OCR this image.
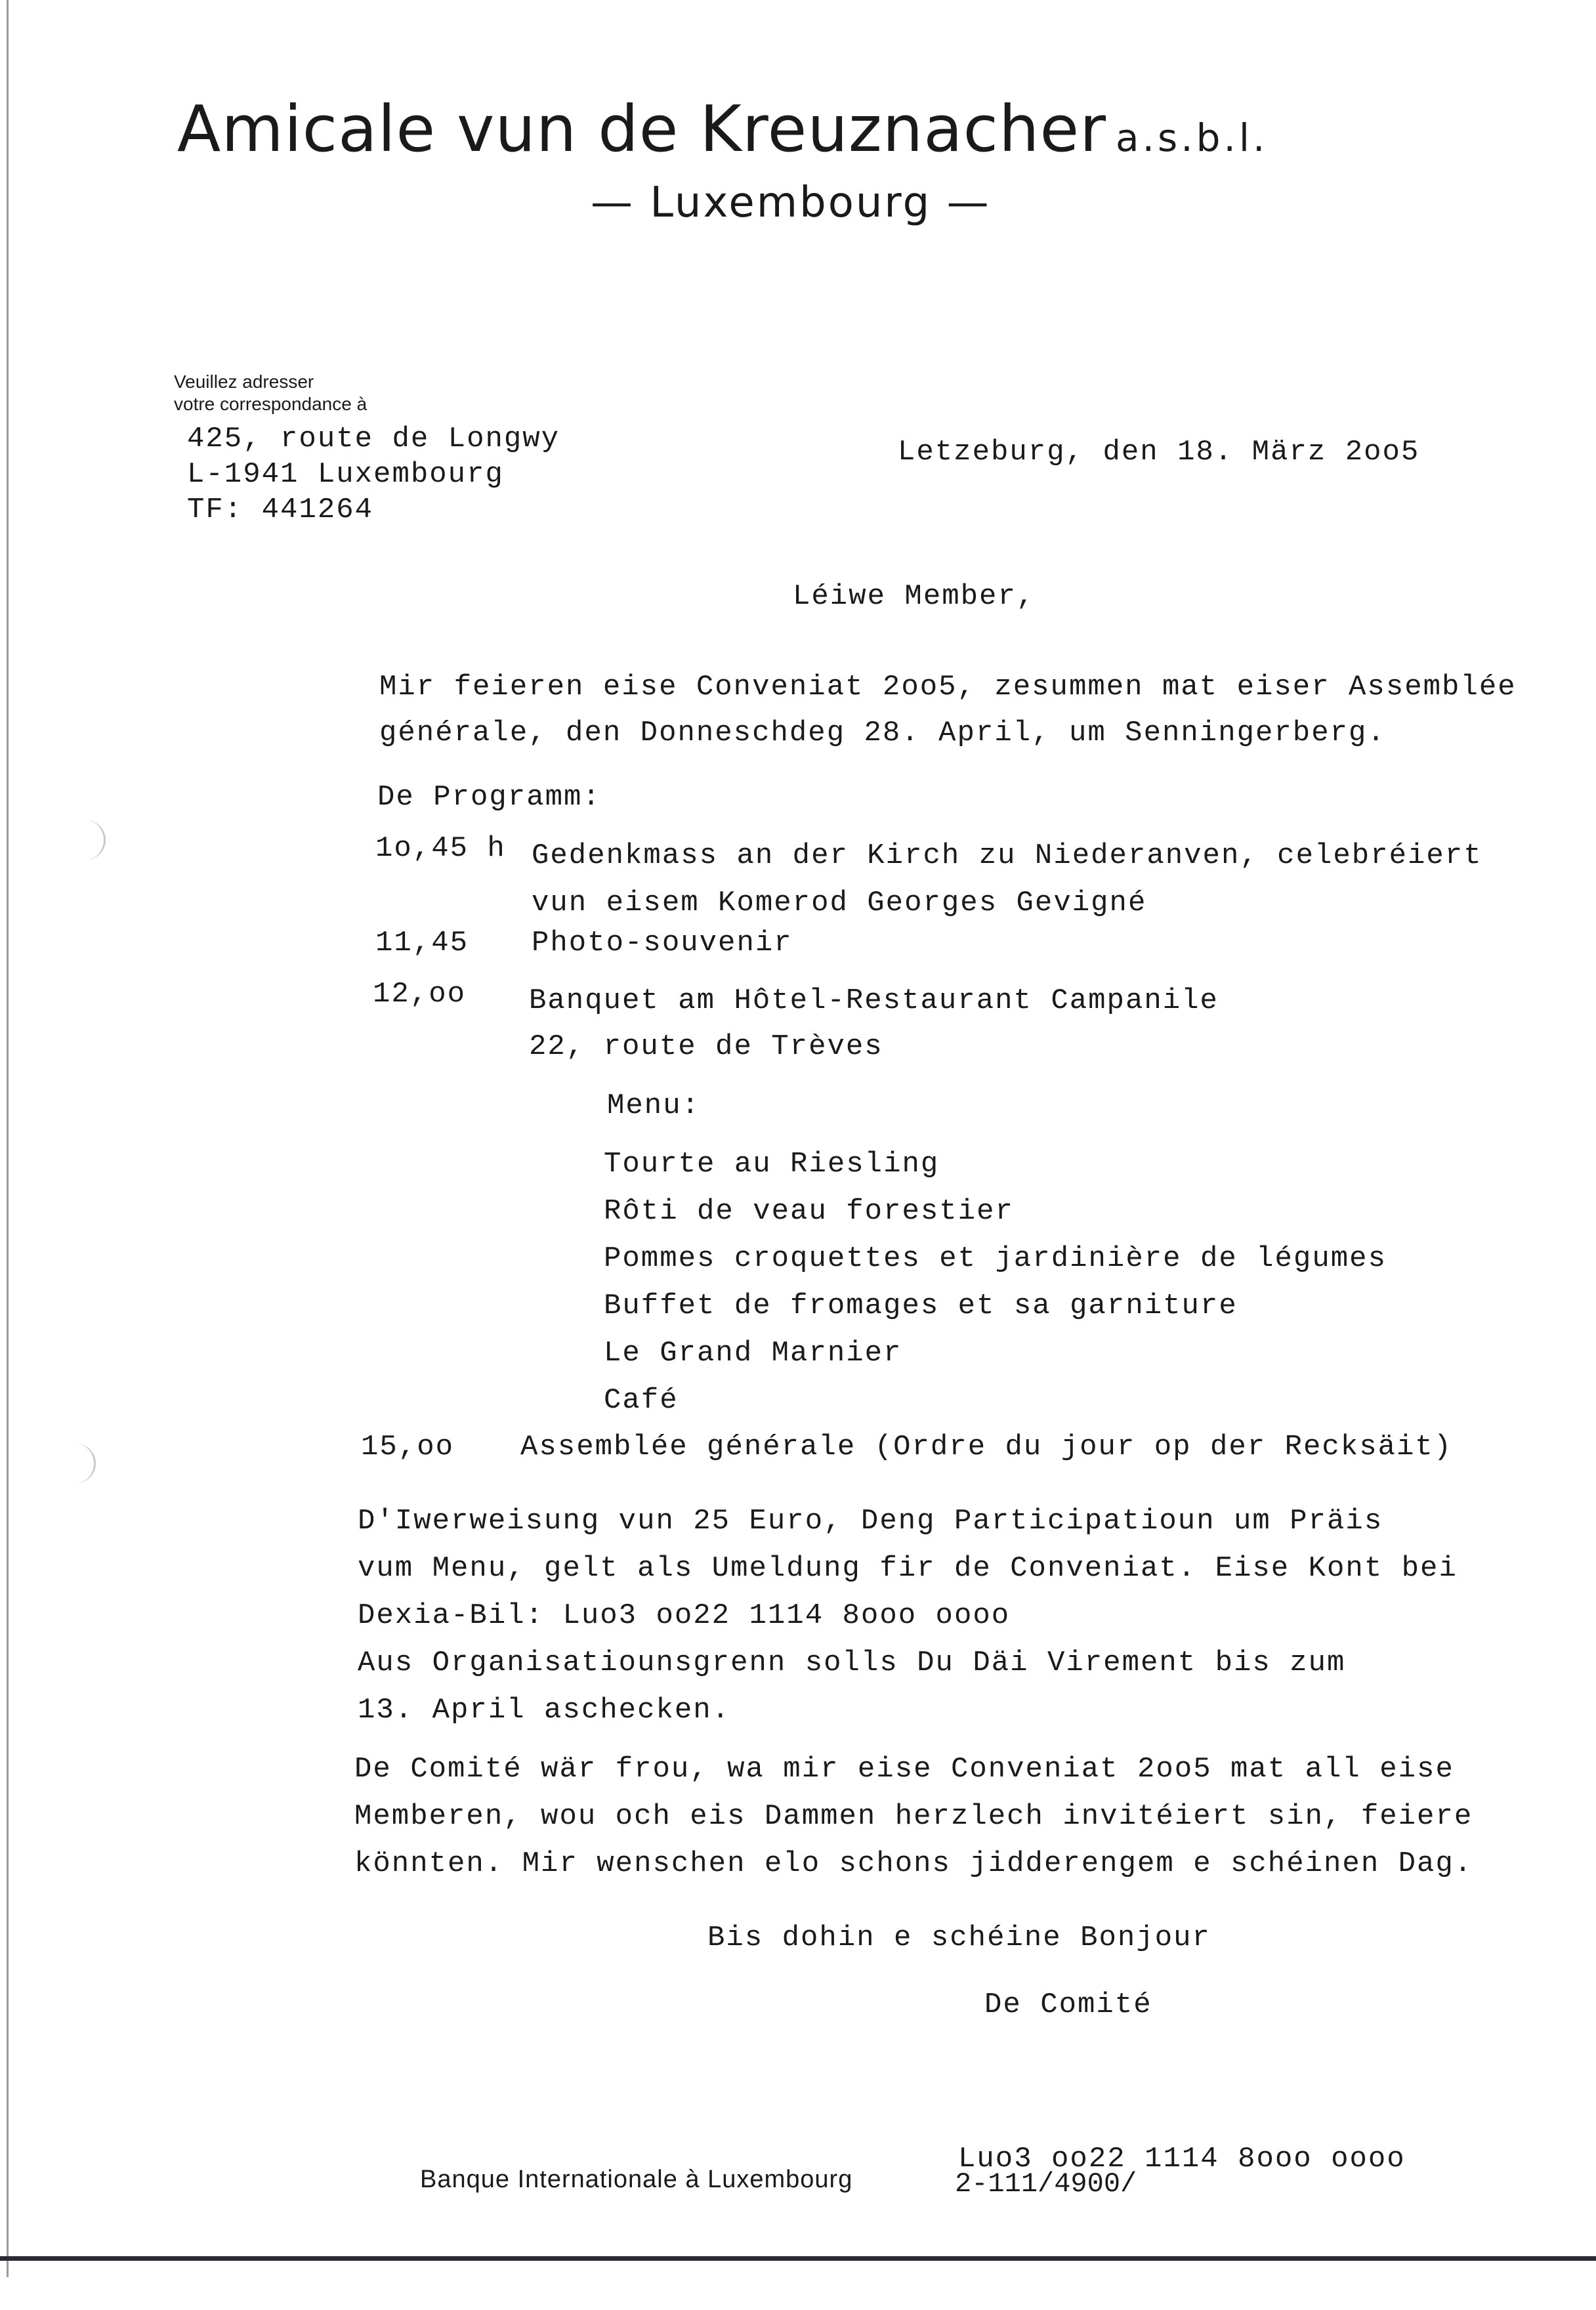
Amicale vun de Kreuznacher a.s.b.l.
— Luxembourg —
Veuillez adresser
votre correspondance à
425, route de Longwy
L-1941 Luxembourg
TF: 441264
Letzeburg, den 18. März 2oo5
Léiwe Member,
Mir feieren eise Conveniat 2oo5, zesummen mat eiser Assemblée
générale, den Donneschdeg 28. April, um Senningerberg.
De Programm:
1o,45 h Gedenkmass an der Kirch zu Niederanven, celebréiert
vun eisem Komerod Georges Gevigné
11,45 Photo-souvenir
12,oo Banquet am Hôtel-Restaurant Campanile
22, route de Trèves
Menu:
Tourte au Riesling
Rôti de veau forestier
Pommes croquettes et jardinière de légumes
Buffet de fromages et sa garniture
Le Grand Marnier
Café
15,oo Assemblée générale (Ordre du jour op der Recksäit)
D'Iwerweisung vun 25 Euro, Deng Participatioun um Präis
vum Menu, gelt als Umeldung fir de Conveniat. Eise Kont bei
Dexia-Bil: Luo3 oo22 1114 8ooo oooo
Aus Organisatiounsgrenn solls Du Däi Virement bis zum
13. April aschecken.
De Comité wär frou, wa mir eise Conveniat 2oo5 mat all eise
Memberen, wou och eis Dammen herzlech invitéiert sin, feiere
könnten. Mir wenschen elo schons jidderengem e schéinen Dag.
Bis dohin e schéine Bonjour
De Comité
Luo3 oo22 1114 8ooo oooo
Banque Internationale à Luxembourg	2-111/4900/
